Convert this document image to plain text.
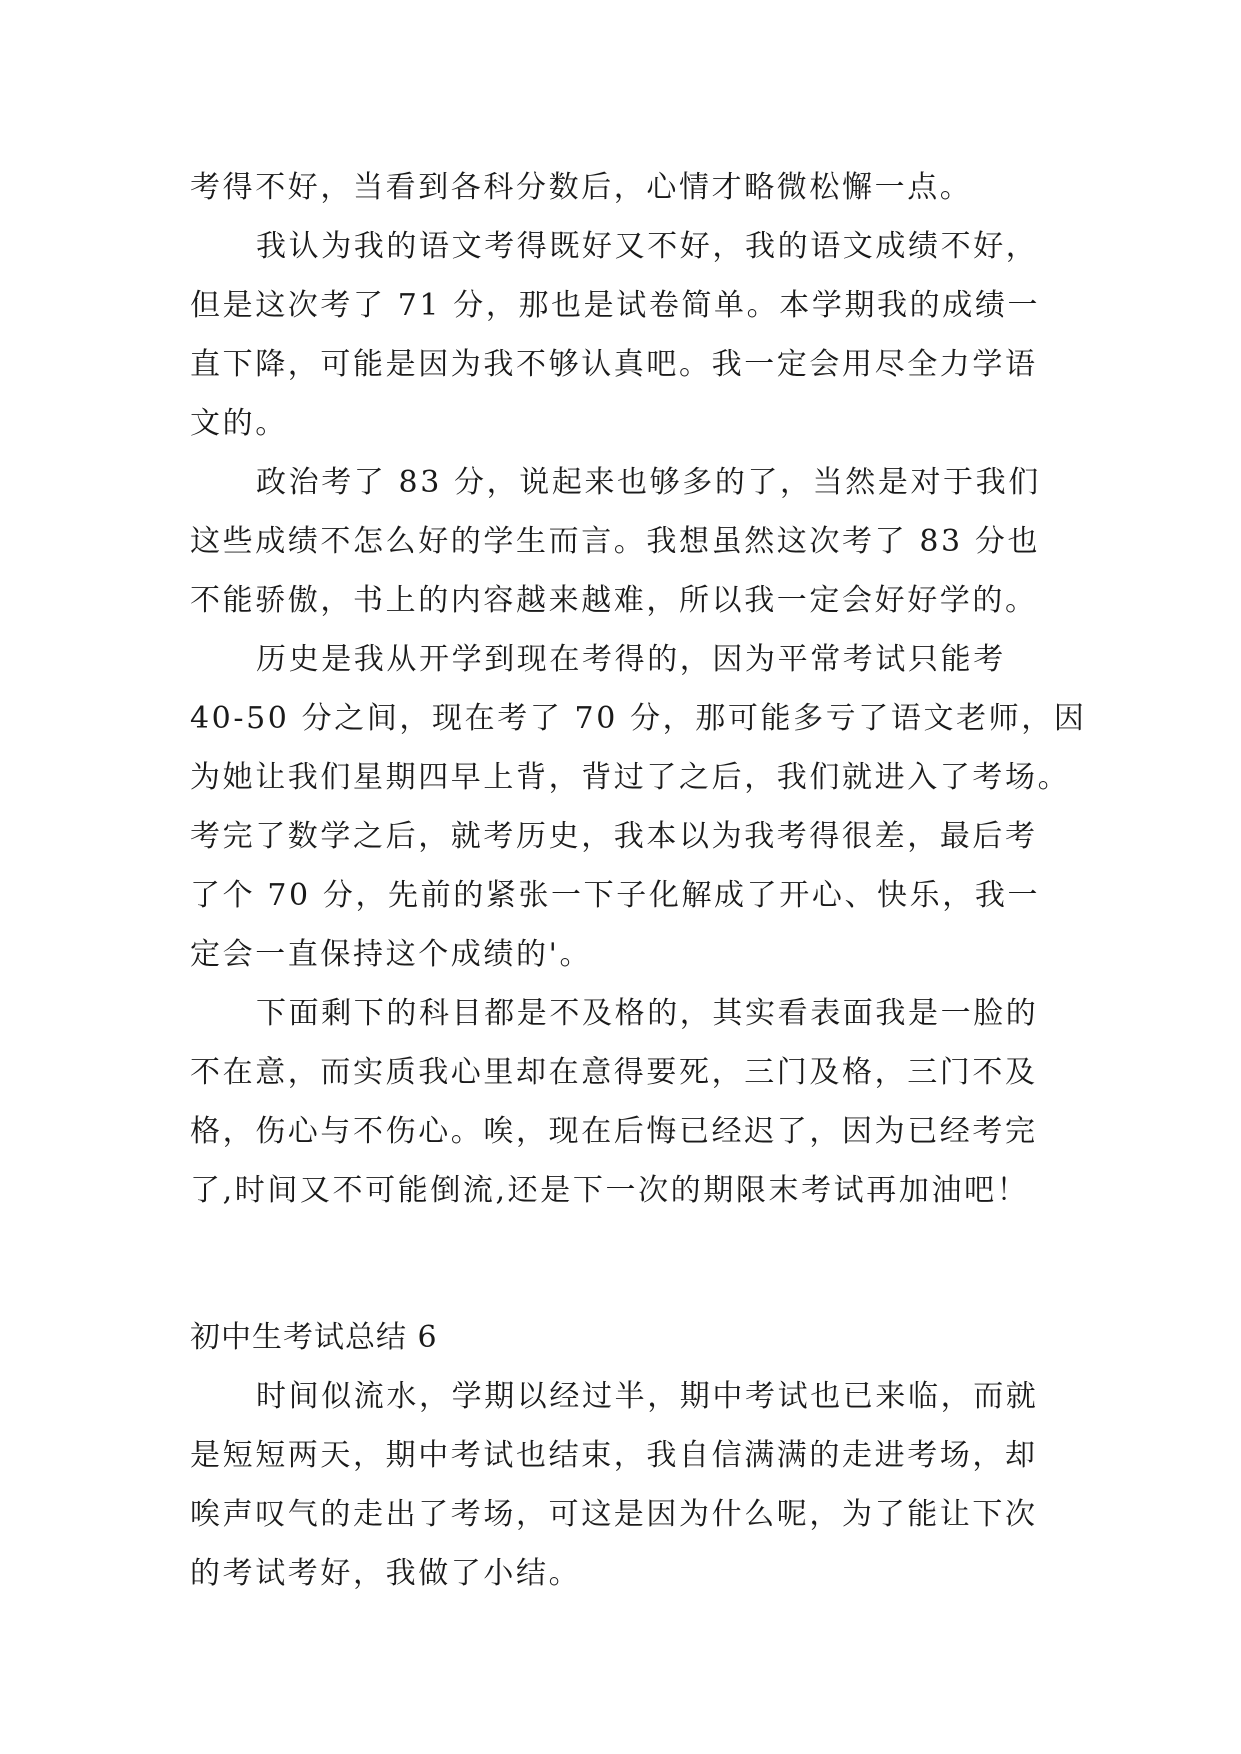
考得不好，当看到各科分数后，心情才略微松懈一点。
我认为我的语文考得既好又不好，我的语文成绩不好，
但是这次考了 71 分，那也是试卷简单。本学期我的成绩一
直下降，可能是因为我不够认真吧。我一定会用尽全力学语
文的。
政治考了 83 分，说起来也够多的了，当然是对于我们
这些成绩不怎么好的学生而言。我想虽然这次考了 83 分也
不能骄傲，书上的内容越来越难，所以我一定会好好学的。
历史是我从开学到现在考得的，因为平常考试只能考
40-50 分之间，现在考了 70 分，那可能多亏了语文老师，因
为她让我们星期四早上背，背过了之后，我们就进入了考场。
考完了数学之后，就考历史，我本以为我考得很差，最后考
了个 70 分，先前的紧张一下子化解成了开心、快乐，我一
定会一直保持这个成绩的'。
下面剩下的科目都是不及格的，其实看表面我是一脸的
不在意，而实质我心里却在意得要死，三门及格，三门不及
格，伤心与不伤心。唉，现在后悔已经迟了，因为已经考完
了,时间又不可能倒流,还是下一次的期限末考试再加油吧！
初中生考试总结 6
时间似流水，学期以经过半，期中考试也已来临，而就
是短短两天，期中考试也结束，我自信满满的走进考场，却
唉声叹气的走出了考场，可这是因为什么呢，为了能让下次
的考试考好，我做了小结。
